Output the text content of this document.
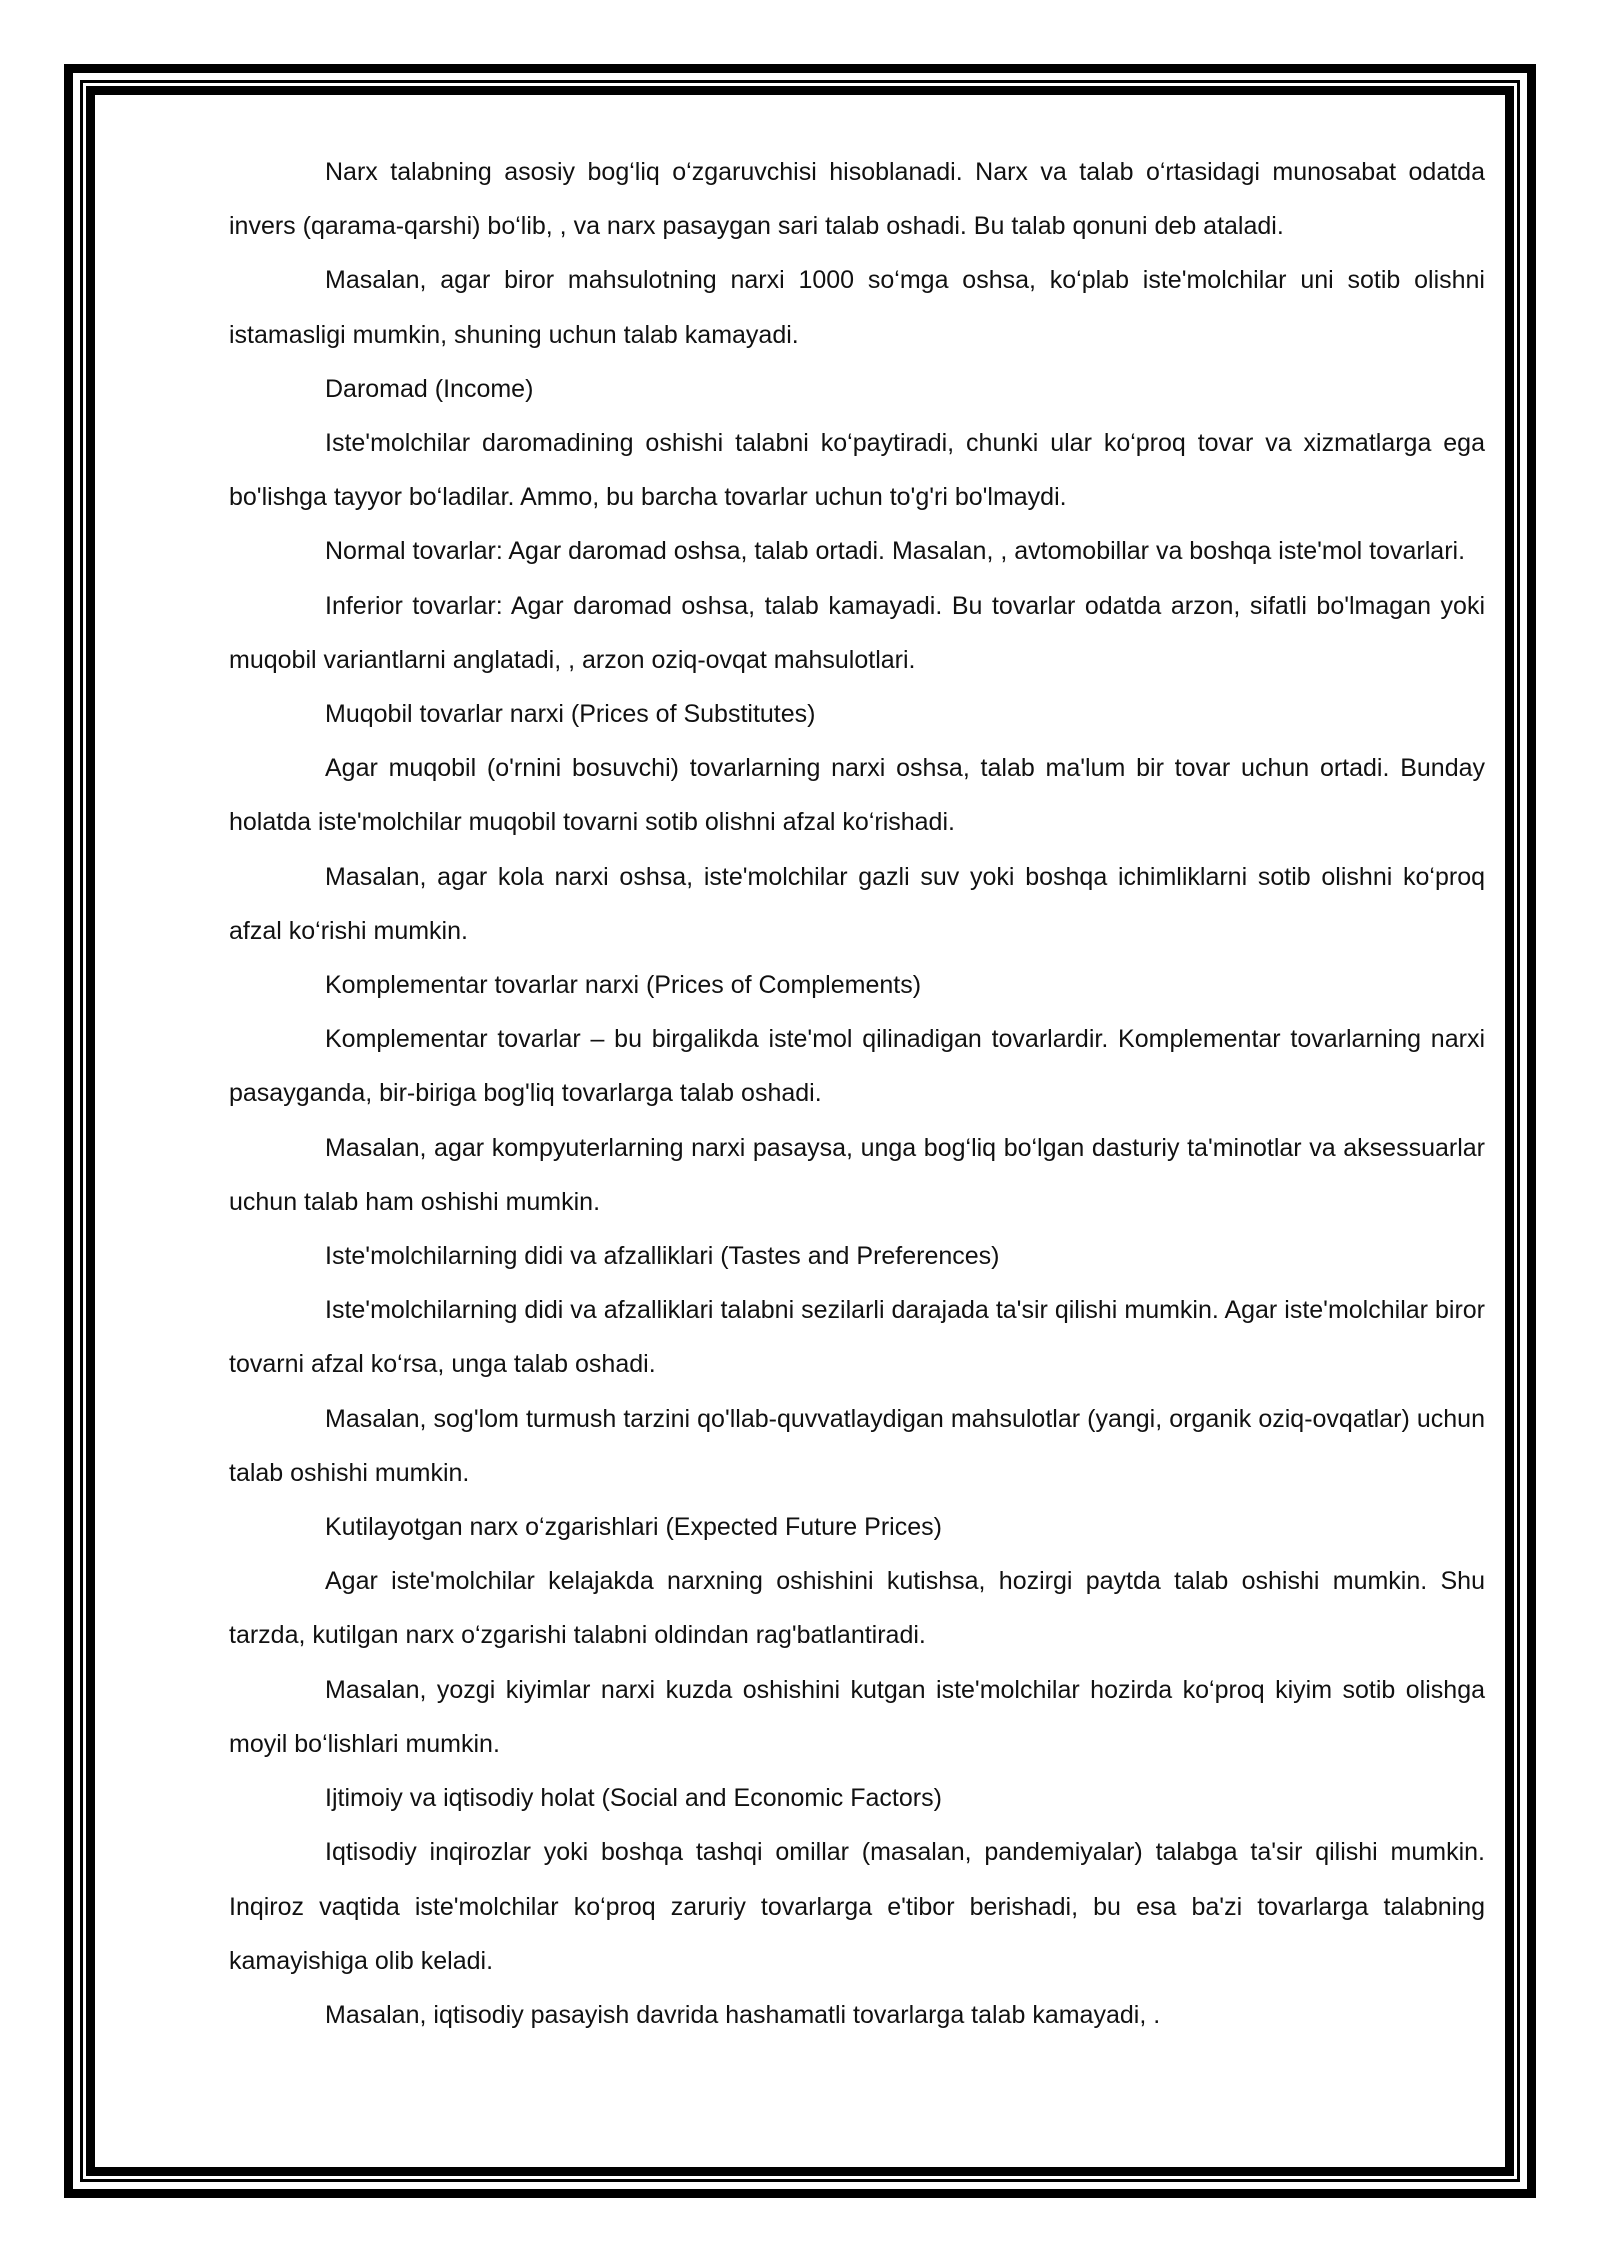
Narx talabning asosiy bog‘liq o‘zgaruvchisi hisoblanadi. Narx va talab o‘rtasidagi munosabat odatda invers (qarama-qarshi) bo‘lib, , va narx pasaygan sari talab oshadi. Bu talab qonuni deb ataladi.

Masalan, agar biror mahsulotning narxi 1000 so‘mga oshsa, ko‘plab iste'molchilar uni sotib olishni istamasligi mumkin, shuning uchun talab kamayadi.

Daromad (Income)

Iste'molchilar daromadining oshishi talabni ko‘paytiradi, chunki ular ko‘proq tovar va xizmatlarga ega bo'lishga tayyor bo‘ladilar. Ammo, bu barcha tovarlar uchun to'g'ri bo'lmaydi.

Normal tovarlar: Agar daromad oshsa, talab ortadi. Masalan, , avtomobillar va boshqa iste'mol tovarlari.

Inferior tovarlar: Agar daromad oshsa, talab kamayadi. Bu tovarlar odatda arzon, sifatli bo'lmagan yoki muqobil variantlarni anglatadi, , arzon oziq-ovqat mahsulotlari.

Muqobil tovarlar narxi (Prices of Substitutes)

Agar muqobil (o'rnini bosuvchi) tovarlarning narxi oshsa, talab ma'lum bir tovar uchun ortadi. Bunday holatda iste'molchilar muqobil tovarni sotib olishni afzal ko‘rishadi.

Masalan, agar kola narxi oshsa, iste'molchilar gazli suv yoki boshqa ichimliklarni sotib olishni ko‘proq afzal ko‘rishi mumkin.

Komplementar tovarlar narxi (Prices of Complements)

Komplementar tovarlar – bu birgalikda iste'mol qilinadigan tovarlardir. Komplementar tovarlarning narxi pasayganda, bir-biriga bog'liq tovarlarga talab oshadi.

Masalan, agar kompyuterlarning narxi pasaysa, unga bog‘liq bo‘lgan dasturiy ta'minotlar va aksessuarlar uchun talab ham oshishi mumkin.

Iste'molchilarning didi va afzalliklari (Tastes and Preferences)

Iste'molchilarning didi va afzalliklari talabni sezilarli darajada ta'sir qilishi mumkin. Agar iste'molchilar biror tovarni afzal ko‘rsa, unga talab oshadi.

Masalan, sog'lom turmush tarzini qo'llab-quvvatlaydigan mahsulotlar (yangi, organik oziq-ovqatlar) uchun talab oshishi mumkin.

Kutilayotgan narx o‘zgarishlari (Expected Future Prices)

Agar iste'molchilar kelajakda narxning oshishini kutishsa, hozirgi paytda talab oshishi mumkin. Shu tarzda, kutilgan narx o‘zgarishi talabni oldindan rag'batlantiradi.

Masalan, yozgi kiyimlar narxi kuzda oshishini kutgan iste'molchilar hozirda ko‘proq kiyim sotib olishga moyil bo‘lishlari mumkin.

Ijtimoiy va iqtisodiy holat (Social and Economic Factors)

Iqtisodiy inqirozlar yoki boshqa tashqi omillar (masalan, pandemiyalar) talabga ta'sir qilishi mumkin. Inqiroz vaqtida iste'molchilar ko‘proq zaruriy tovarlarga e'tibor berishadi, bu esa ba'zi tovarlarga talabning kamayishiga olib keladi.

Masalan, iqtisodiy pasayish davrida hashamatli tovarlarga talab kamayadi, .
